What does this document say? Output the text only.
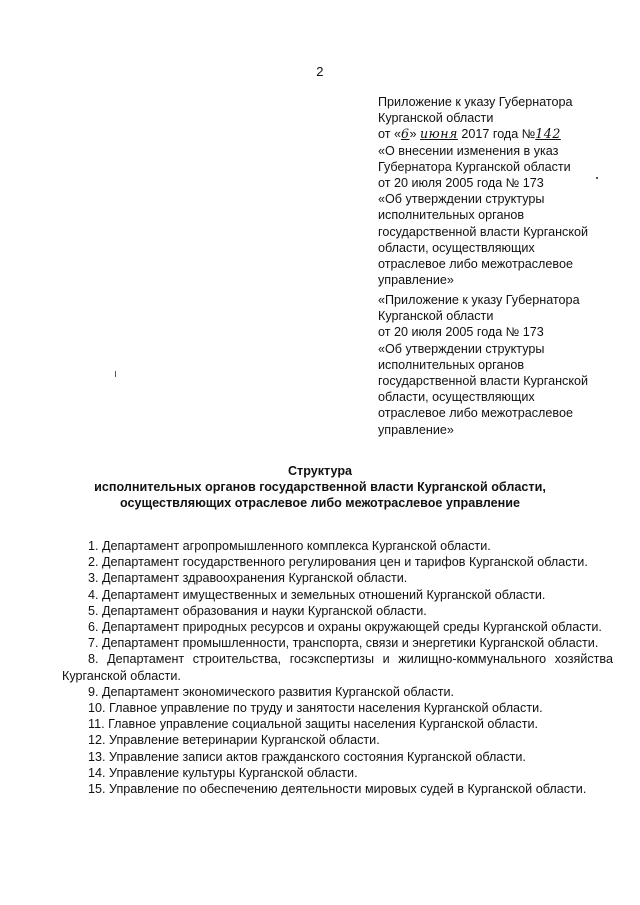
2
Приложение к указу Губернатора
Курганской области
от «6» июня 2017 года №142
«О внесении изменения в указ
Губернатора Курганской области
от 20 июля 2005 года № 173
«Об утверждении структуры
исполнительных органов
государственной власти Курганской
области, осуществляющих
отраслевое либо межотраслевое
управление»
«Приложение к указу Губернатора
Курганской области
от 20 июля 2005 года № 173
«Об утверждении структуры
исполнительных органов
государственной власти Курганской
области, осуществляющих
отраслевое либо межотраслевое
управление»
Структура
исполнительных органов государственной власти Курганской области,
осуществляющих отраслевое либо межотраслевое управление
1. Департамент агропромышленного комплекса Курганской области.
2. Департамент государственного регулирования цен и тарифов Курганской области.
3. Департамент здравоохранения Курганской области.
4. Департамент имущественных и земельных отношений Курганской области.
5. Департамент образования и науки Курганской области.
6. Департамент природных ресурсов и охраны окружающей среды Курганской области.
7. Департамент промышленности, транспорта, связи и энергетики Курганской области.
8. Департамент строительства, госэкспертизы и жилищно-коммунального хозяйства Курганской области.
9. Департамент экономического развития Курганской области.
10. Главное управление по труду и занятости населения Курганской области.
11. Главное управление социальной защиты населения Курганской области.
12. Управление ветеринарии Курганской области.
13. Управление записи актов гражданского состояния Курганской области.
14. Управление культуры Курганской области.
15. Управление по обеспечению деятельности мировых судей в Курганской области.
